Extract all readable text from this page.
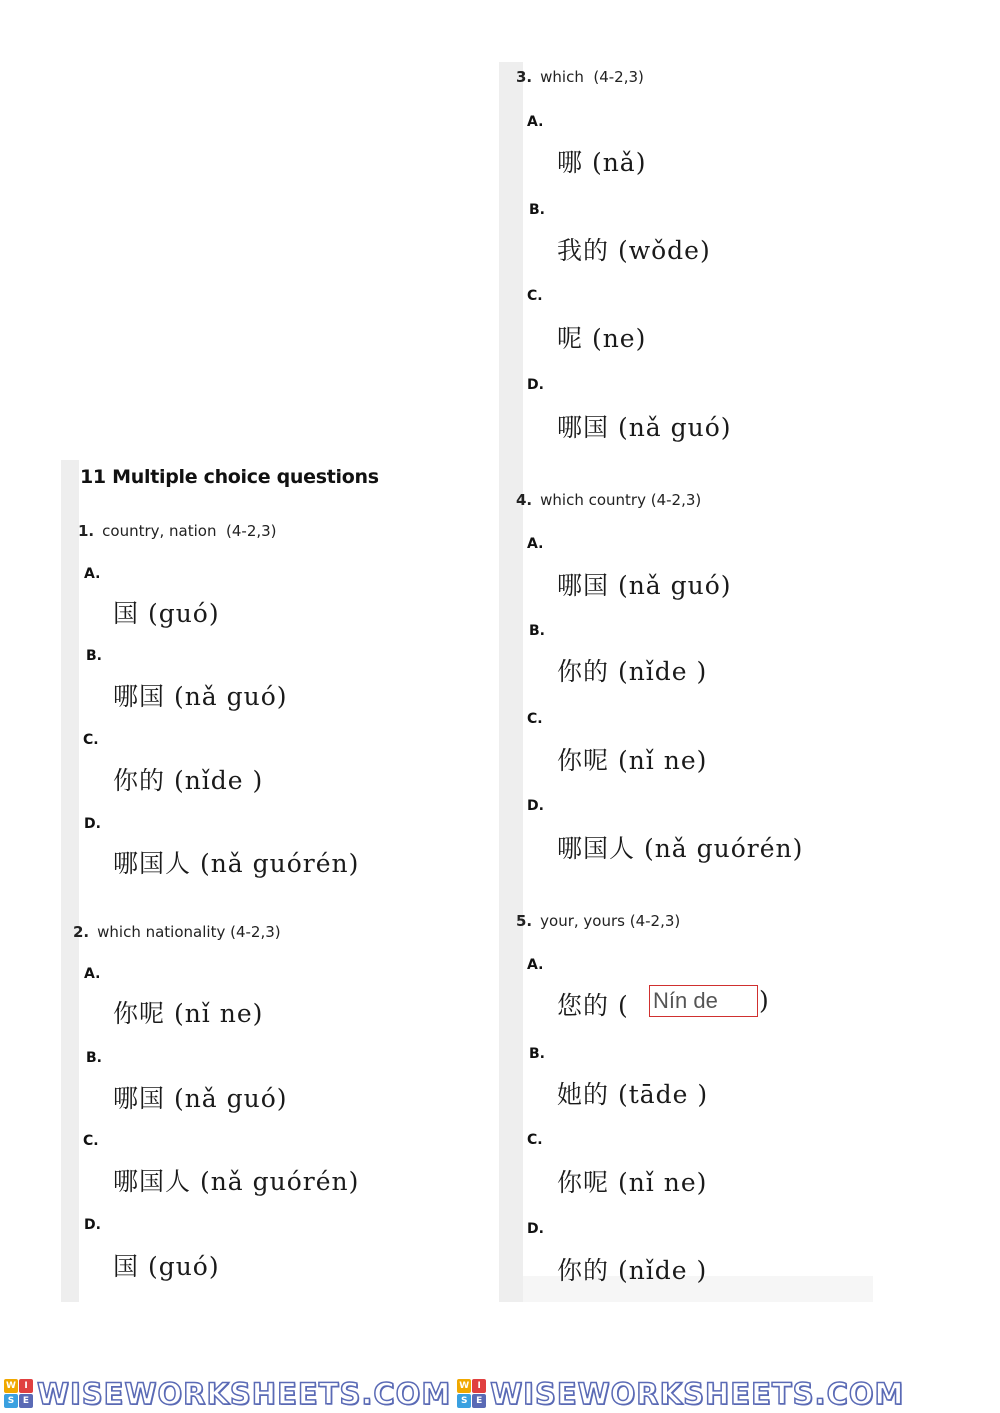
11 Multiple choice questions
1. country, nation  (4-2,3)
A.
国 (guó)
B.
哪国 (nǎ guó)
C.
你的 (nǐde )
D.
哪国人 (nǎ guórén)
2. which nationality (4-2,3)
A.
你呢 (nǐ ne)
B.
哪国 (nǎ guó)
C.
哪国人 (nǎ guórén)
D.
国 (guó)
3. which  (4-2,3)
A.
哪 (nǎ)
B.
我的 (wǒde)
C.
呢 (ne)
D.
哪国 (nǎ guó)
4. which country (4-2,3)
A.
哪国 (nǎ guó)
B.
你的 (nǐde )
C.
你呢 (nǐ ne)
D.
哪国人 (nǎ guórén)
5. your, yours (4-2,3)
A.
您的 ( Nín de	)
B.
她的 (tāde )
C.
你呢 (nǐ ne)
D.
你的 (nǐde )
W I
S E WISEWORKSHEETS.COM W I
S E WISEWORKSHEETS.COM
